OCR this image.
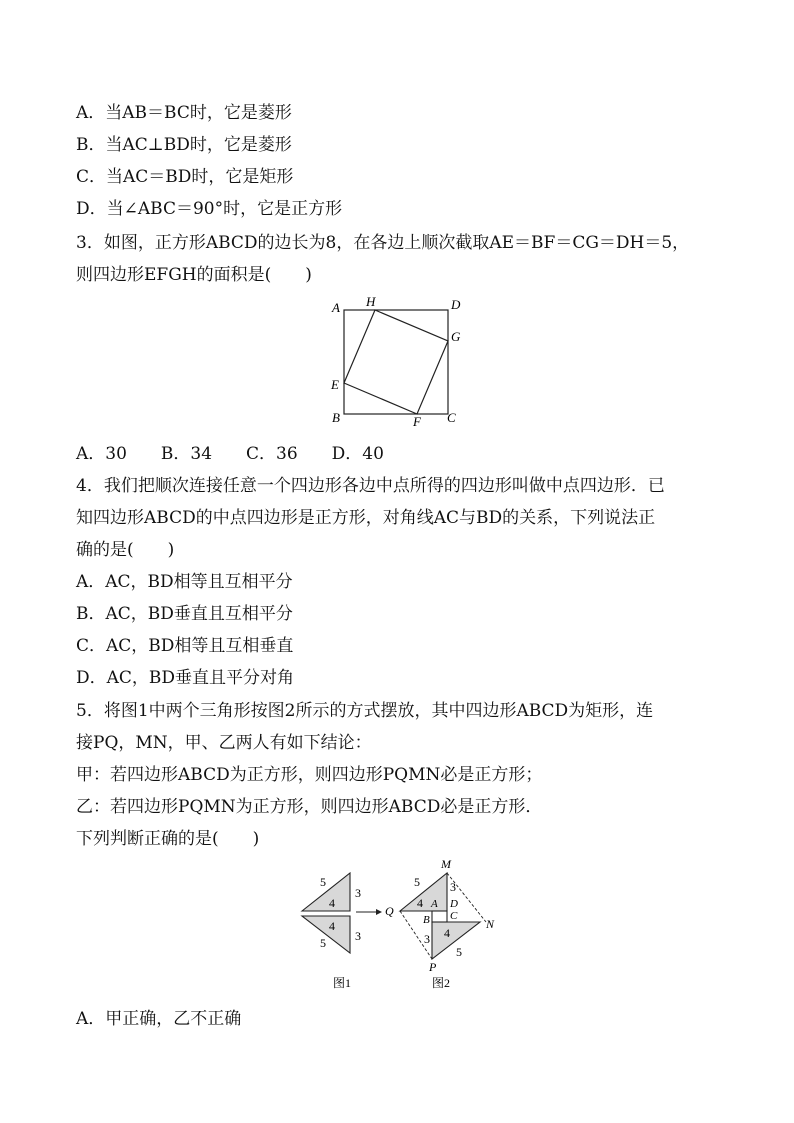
A．当AB＝BC时，它是菱形
B．当AC⊥BD时，它是菱形
C．当AC＝BD时，它是矩形
D．当∠ABC＝90°时，它是正方形
3．如图，正方形ABCD的边长为8，在各边上顺次截取AE＝BF＝CG＝DH＝5，
则四边形EFGH的面积是(　　)
A H	D
G
E
B	F C
A．30　　B．34　　C．36　　D．40
4．我们把顺次连接任意一个四边形各边中点所得的四边形叫做中点四边形．已
知四边形ABCD的中点四边形是正方形，对角线AC与BD的关系，下列说法正
确的是(　　)
A．AC，BD相等且互相平分
B．AC，BD垂直且互相平分
C．AC，BD相等且互相垂直
D．AC，BD垂直且平分对角
5．将图1中两个三角形按图2所示的方式摆放，其中四边形ABCD为矩形，连
接PQ，MN，甲、乙两人有如下结论：
甲：若四边形ABCD为正方形，则四边形PQMN必是正方形；
乙：若四边形PQMN为正方形，则四边形ABCD必是正方形．
下列判断正确的是(　　)
5
3
4
4
3
5
M
Q
N
P
A D
B C
5	3
4
4
3
5
图1	图2
A．甲正确，乙不正确
